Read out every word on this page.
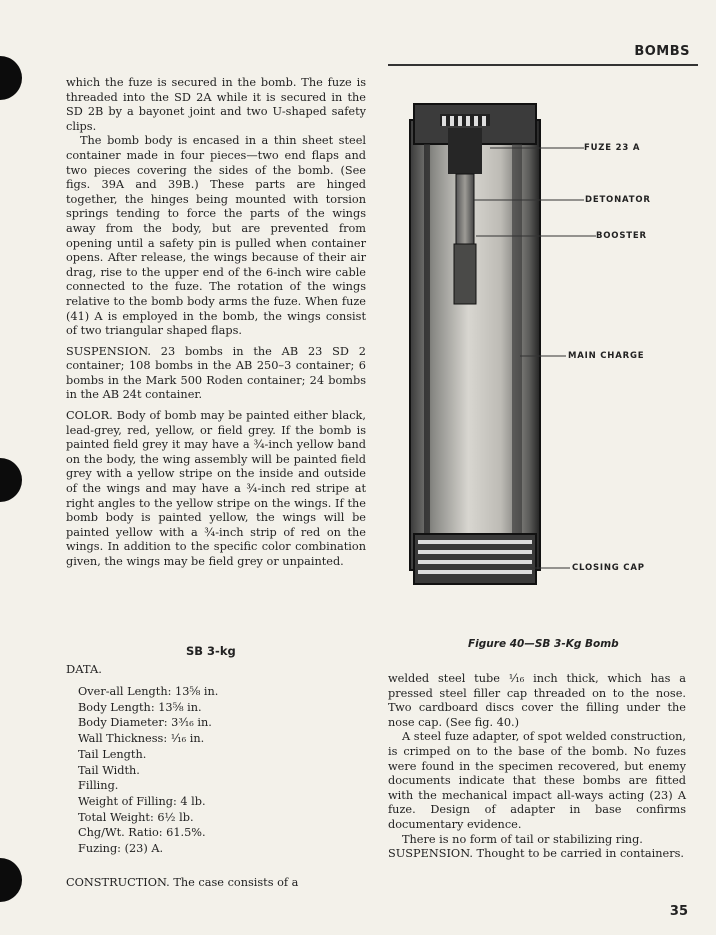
BOMBS

which the fuze is secured in the bomb. The fuze is threaded into the SD 2A while it is secured in the SD 2B by a bayonet joint and two U-shaped safety clips.

The bomb body is encased in a thin sheet steel container made in four pieces—two end flaps and two pieces covering the sides of the bomb. (See figs. 39A and 39B.) These parts are hinged together, the hinges being mounted with torsion springs tending to force the parts of the wings away from the body, but are prevented from opening until a safety pin is pulled when container opens. After release, the wings because of their air drag, rise to the upper end of the 6-inch wire cable connected to the fuze. The rotation of the wings relative to the bomb body arms the fuze. When fuze (41) A is employed in the bomb, the wings consist of two triangular shaped flaps.

SUSPENSION. 23 bombs in the AB 23 SD 2 container; 108 bombs in the AB 250–3 container; 6 bombs in the Mark 500 Roden container; 24 bombs in the AB 24t container.

COLOR. Body of bomb may be painted either black, lead-grey, red, yellow, or field grey. If the bomb is painted field grey it may have a ¾-inch yellow band on the body, the wing assembly will be painted field grey with a yellow stripe on the inside and outside of the wings and may have a ¾-inch red stripe at right angles to the yellow stripe on the wings. If the bomb body is painted yellow, the wings will be painted yellow with a ¾-inch strip of red on the wings. In addition to the specific color combination given, the wings may be field grey or unpainted.

SB 3-kg
DATA.
Over-all Length: 13⅝ in.
Body Length: 13⅝ in.
Body Diameter: 3³⁄₁₆ in.
Wall Thickness: ¹⁄₁₆ in.
Tail Length.
Tail Width.
Filling.
Weight of Filling: 4 lb.
Total Weight: 6½ lb.
Chg/Wt. Ratio: 61.5%.
Fuzing: (23) A.
CONSTRUCTION. The case consists of a

welded steel tube ¹⁄₁₆ inch thick, which has a pressed steel filler cap threaded on to the nose. Two cardboard discs cover the filling under the nose cap. (See fig. 40.)

A steel fuze adapter, of spot welded construction, is crimped on to the base of the bomb. No fuzes were found in the specimen recovered, but enemy documents indicate that these bombs are fitted with the mechanical impact all-ways acting (23) A fuze. Design of adapter in base confirms documentary evidence.

There is no form of tail or stabilizing ring.

SUSPENSION. Thought to be carried in containers.

FUZE 23 A
DETONATOR
BOOSTER
MAIN CHARGE
CLOSING CAP
Figure 40—SB 3-Kg Bomb
35
